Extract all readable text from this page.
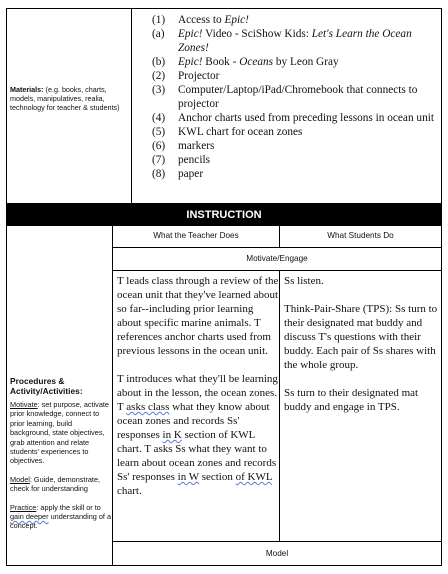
Materials: (e.g. books, charts, models, manipulatives, realia, technology for teacher & students)
(1) Access to Epic!
(a) Epic! Video - SciShow Kids: Let's Learn the Ocean Zones!
(b) Epic! Book - Oceans by Leon Gray
(2) Projector
(3) Computer/Laptop/iPad/Chromebook that connects to projector
(4) Anchor charts used from preceding lessons in ocean unit
(5) KWL chart for ocean zones
(6) markers
(7) pencils
(8) paper
INSTRUCTION

Procedures & Activity/Activities:

Motivate: set purpose, activate prior knowledge, connect to prior learning, build background, state objectives, grab attention and relate students' experiences to objectives.

Model: Guide, demonstrate, check for understanding

Practice: apply the skill or to gain deeper understanding of a concept.

What the Teacher Does	What Students Do
Motivate/Engage
T leads class through a review of the ocean unit that they've learned about so far--including prior learning about specific marine animals. T references anchor charts used from previous lessons in the ocean unit.
T introduces what they'll be learning about in the lesson, the ocean zones. T asks class what they know about ocean zones and records Ss' responses in K section of KWL chart. T asks Ss what they want to learn about ocean zones and records Ss' responses in W section of KWL chart.
Ss listen.
Think-Pair-Share (TPS): Ss turn to their designated mat buddy and discuss T's questions with their buddy. Each pair of Ss shares with the whole group.
Ss turn to their designated mat buddy and engage in TPS.
Model
